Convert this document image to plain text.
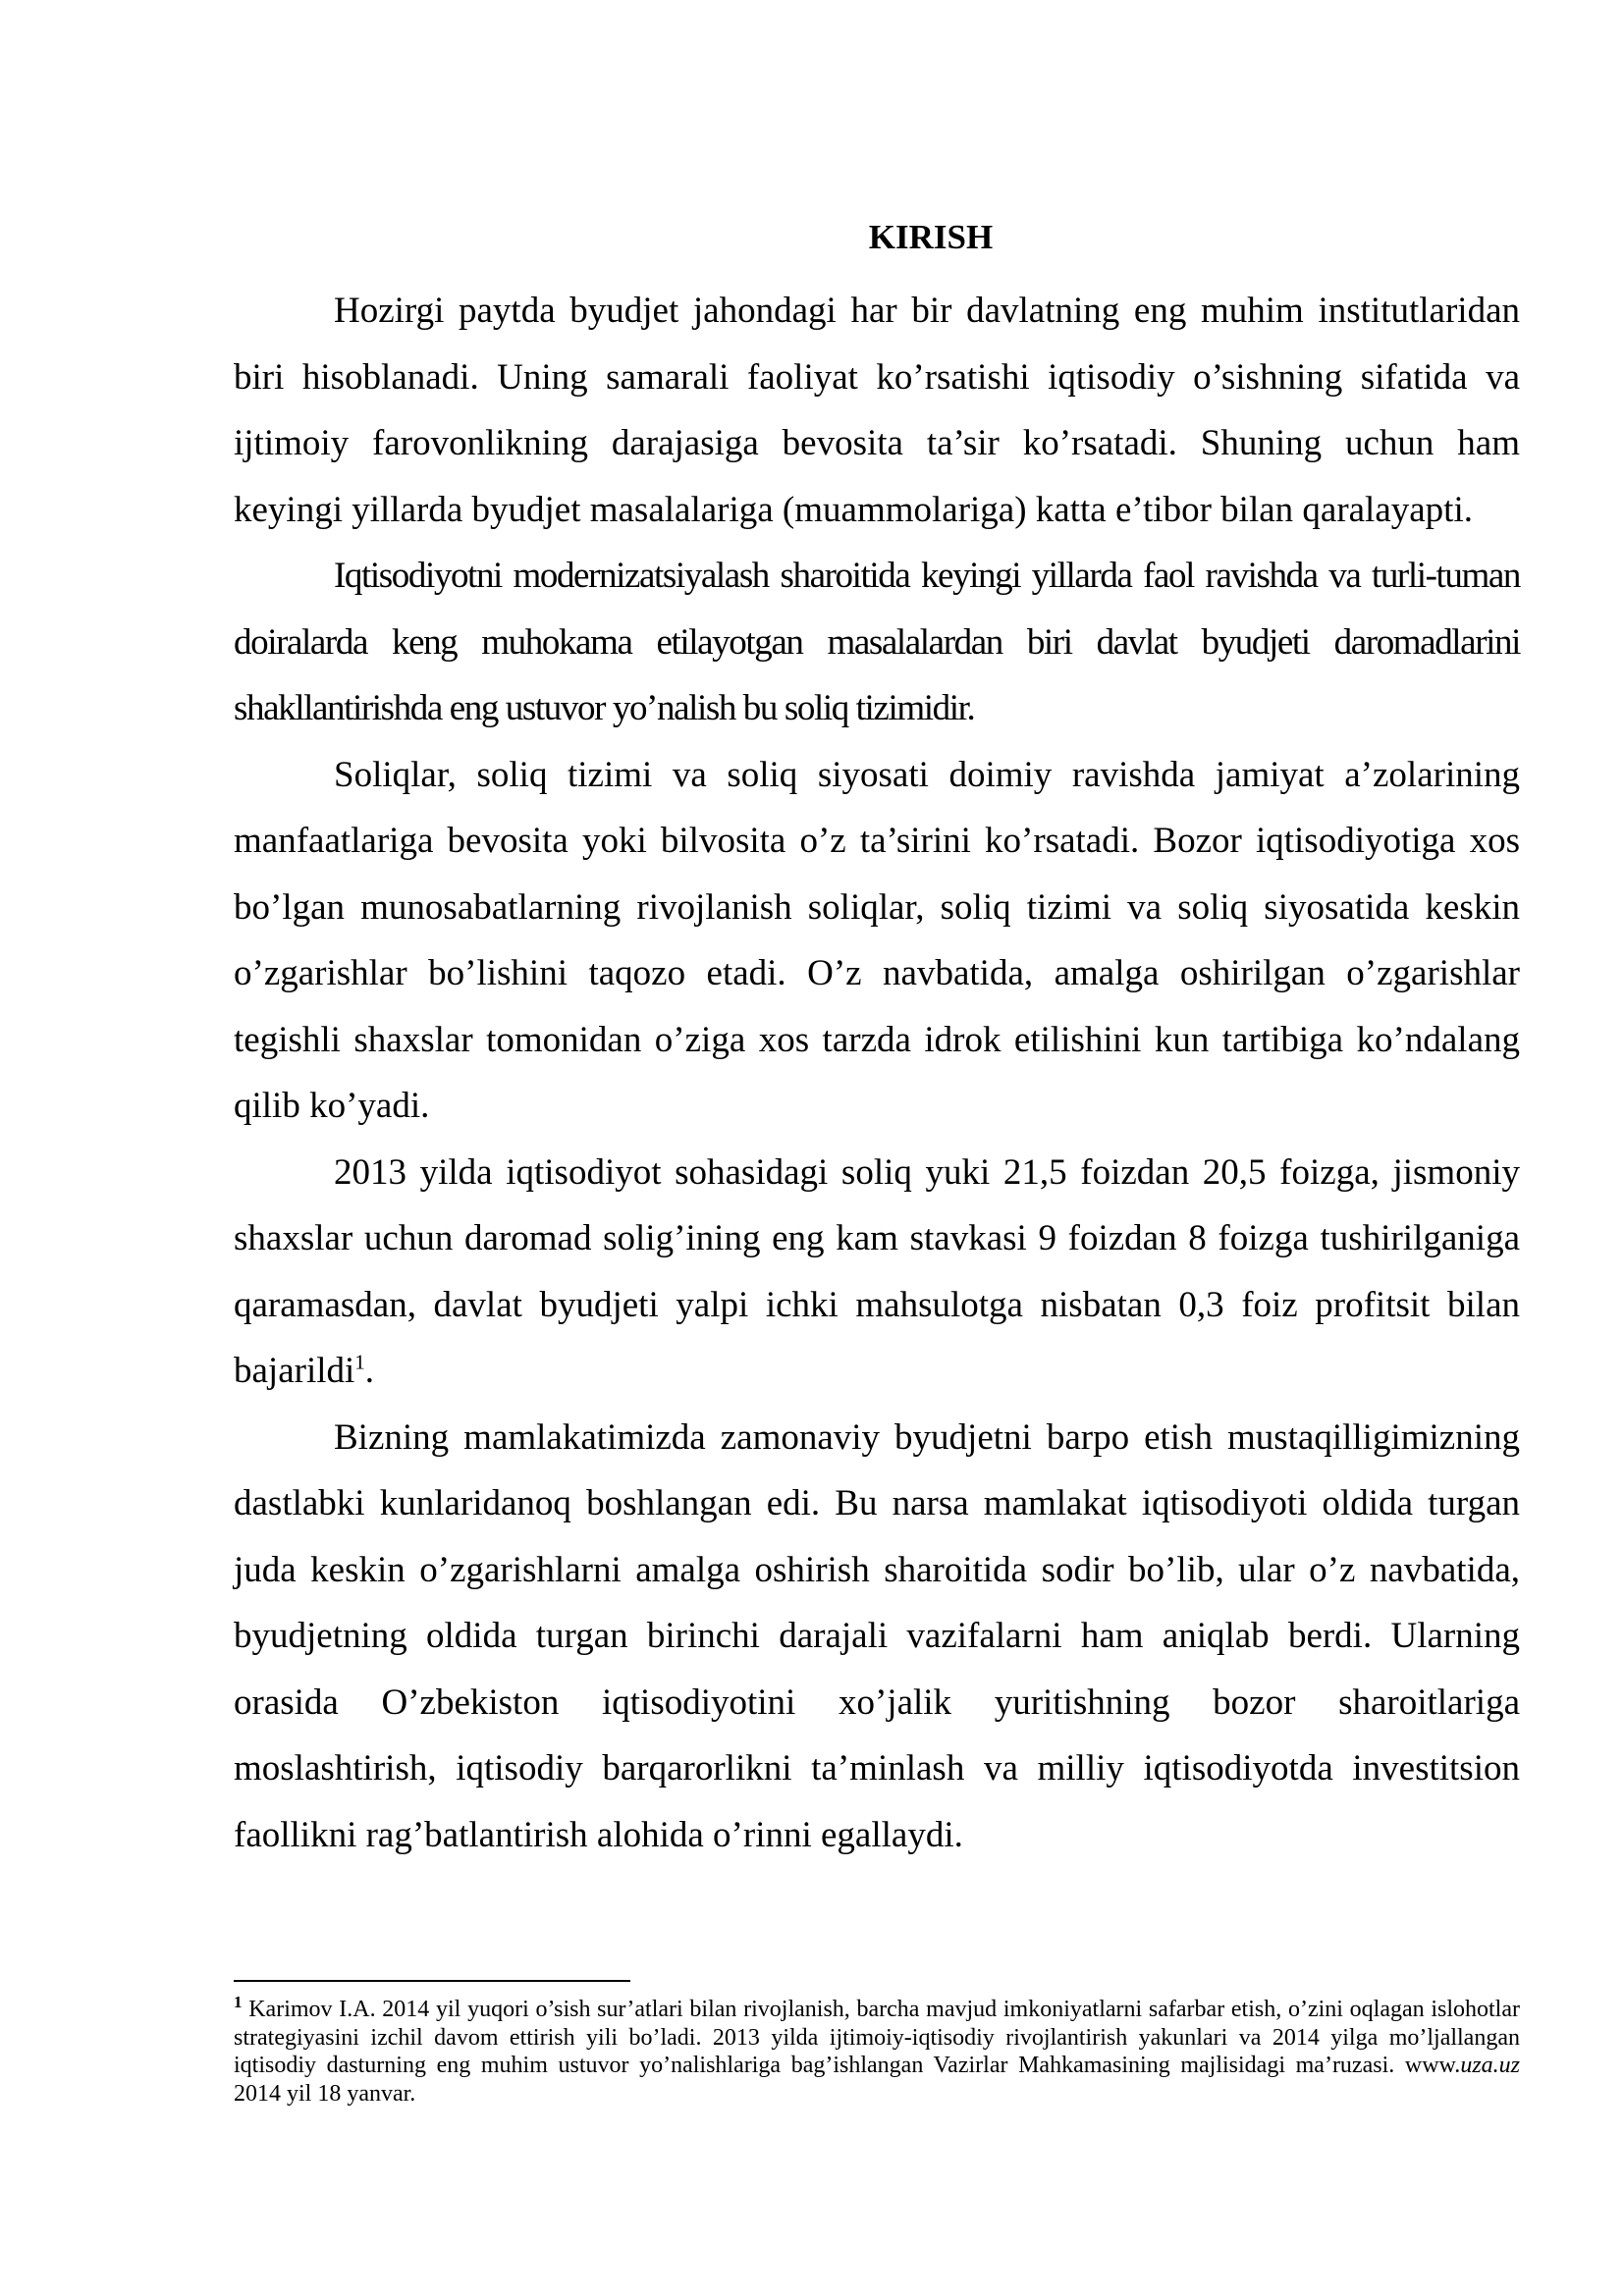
KIRISH

Hozirgi paytda byudjet jahondagi har bir davlatning eng muhim institutlaridan biri hisoblanadi. Uning samarali faoliyat ko’rsatishi iqtisodiy o’sishning sifatida va ijtimoiy farovonlikning darajasiga bevosita ta’sir ko’rsatadi. Shuning uchun ham keyingi yillarda byudjet masalalariga (muammolariga) katta e’tibor bilan qaralayapti.

Iqtisodiyotni modernizatsiyalash sharoitida keyingi yillarda faol ravishda va turli-tuman doiralarda keng muhokama etilayotgan masalalardan biri davlat byudjeti daromadlarini shakllantirishda eng ustuvor yo’nalish bu soliq tizimidir.

Soliqlar, soliq tizimi va soliq siyosati doimiy ravishda jamiyat a’zolarining manfaatlariga bevosita yoki bilvosita o’z ta’sirini ko’rsatadi. Bozor iqtisodiyotiga xos bo’lgan munosabatlarning rivojlanish soliqlar, soliq tizimi va soliq siyosatida keskin o’zgarishlar bo’lishini taqozo etadi. O’z navbatida, amalga oshirilgan o’zgarishlar tegishli shaxslar tomonidan o’ziga xos tarzda idrok etilishini kun tartibiga ko’ndalang qilib ko’yadi.

2013 yilda iqtisodiyot sohasidagi soliq yuki 21,5 foizdan 20,5 foizga, jismoniy shaxslar uchun daromad solig’ining eng kam stavkasi 9 foizdan 8 foizga tushirilganiga qaramasdan, davlat byudjeti yalpi ichki mahsulotga nisbatan 0,3 foiz profitsit bilan bajarildi$^1$.

Bizning mamlakatimizda zamonaviy byudjetni barpo etish mustaqilligimizning dastlabki kunlaridanoq boshlangan edi. Bu narsa mamlakat iqtisodiyoti oldida turgan juda keskin o’zgarishlarni amalga oshirish sharoitida sodir bo’lib, ular o’z navbatida, byudjetning oldida turgan birinchi darajali vazifalarni ham aniqlab berdi. Ularning orasida O’zbekiston iqtisodiyotini xo’jalik yuritishning bozor sharoitlariga moslashtirish, iqtisodiy barqarorlikni ta’minlash va milliy iqtisodiyotda investitsion faollikni rag’batlantirish alohida o’rinni egallaydi.

$^1$ Karimov I.A. 2014 yil yuqori o’sish sur’atlari bilan rivojlanish, barcha mavjud imkoniyatlarni safarbar etish, o’zini oqlagan islohotlar strategiyasini izchil davom ettirish yili bo’ladi. 2013 yilda ijtimoiy-iqtisodiy rivojlantirish yakunlari va 2014 yilga mo’ljallangan iqtisodiy dasturning eng muhim ustuvor yo’nalishlariga bag’ishlangan Vazirlar Mahkamasining majlisidagi ma’ruzasi. www.uza.uz 2014 yil 18 yanvar.
